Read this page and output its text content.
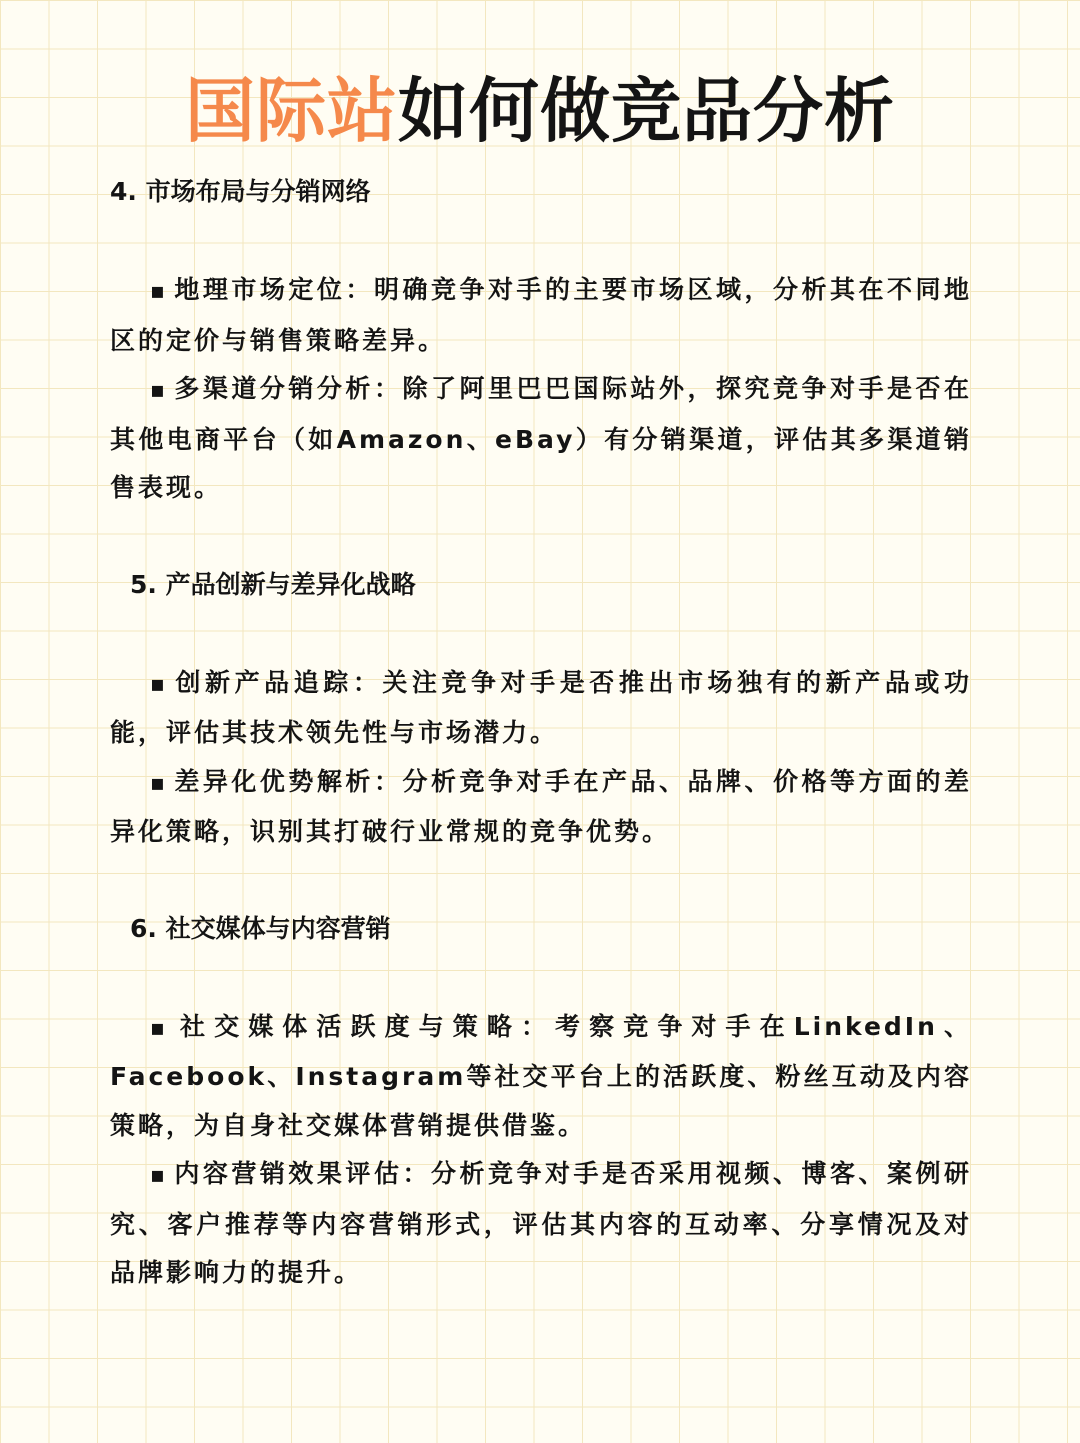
国际站如何做竞品分析
4. 市场布局与分销网络

▪ 地理市场定位：明确竞争对手的主要市场区域，分析其在不同地区的定价与销售策略差异。

▪ 多渠道分销分析：除了阿里巴巴国际站外，探究竞争对手是否在其他电商平台（如Amazon、eBay）有分销渠道，评估其多渠道销售表现。

5. 产品创新与差异化战略

▪ 创新产品追踪：关注竞争对手是否推出市场独有的新产品或功能，评估其技术领先性与市场潜力。

▪ 差异化优势解析：分析竞争对手在产品、品牌、价格等方面的差异化策略，识别其打破行业常规的竞争优势。

6. 社交媒体与内容营销

▪ 社交媒体活跃度与策略：考察竞争对手在LinkedIn、Facebook、Instagram等社交平台上的活跃度、粉丝互动及内容策略，为自身社交媒体营销提供借鉴。

▪ 内容营销效果评估：分析竞争对手是否采用视频、博客、案例研究、客户推荐等内容营销形式，评估其内容的互动率、分享情况及对品牌影响力的提升。
